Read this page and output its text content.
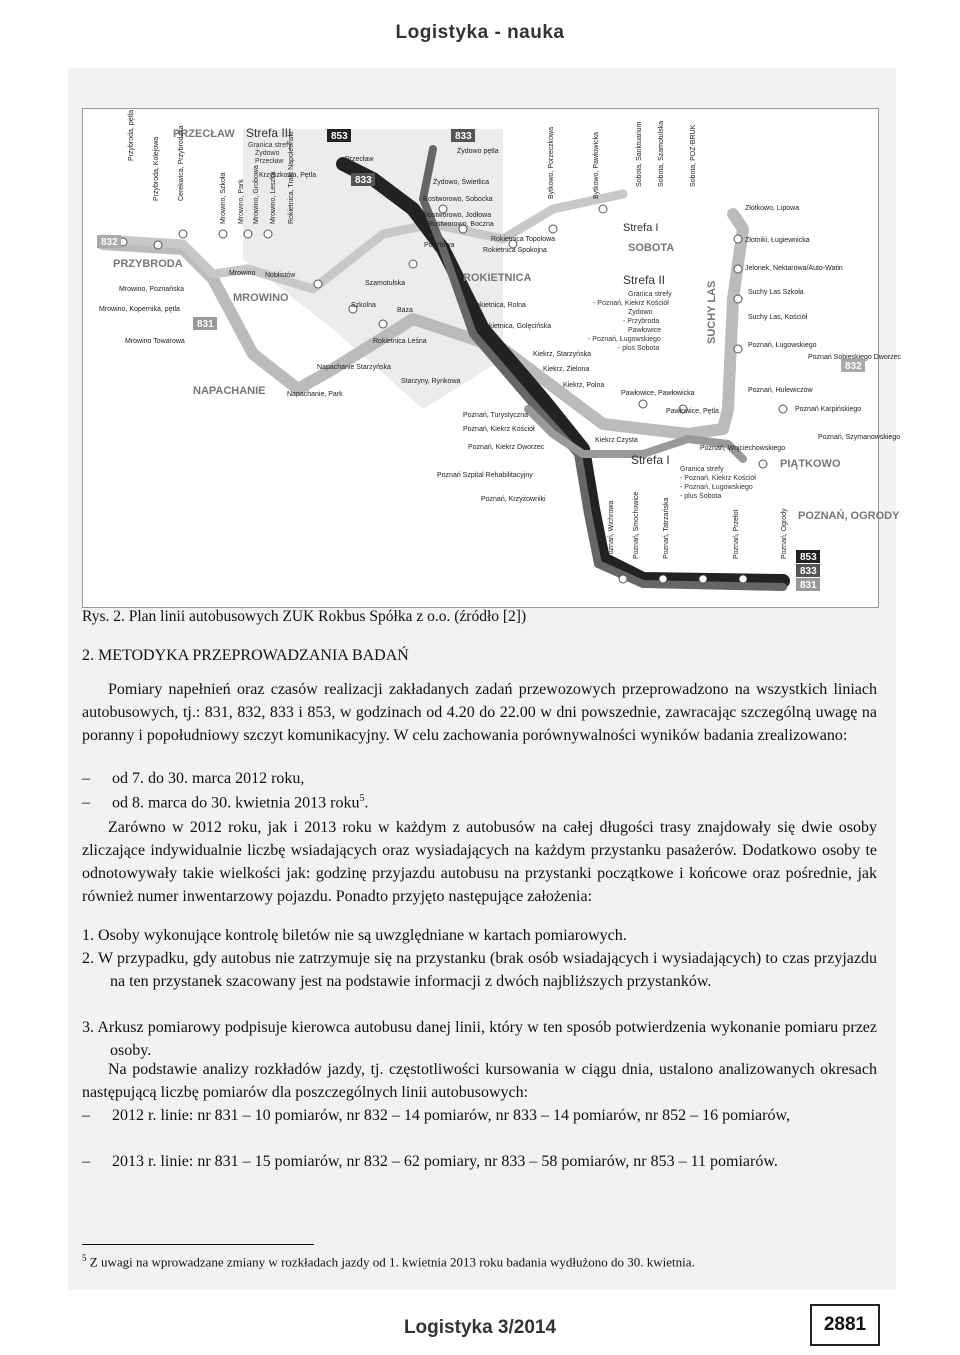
Logistyka - nauka
Strefa III
Strefa I
Strefa II
Strefa I
Granica strefy
Żydowo
Przecław
Granica strefy
- Poznań, Kiekrz Kościół
Żydowo
- Przybroda
Pawłowice
- Poznań, Ługowskiego
- plus Sobota
Granica strefy
- Poznań, Kiekrz Kościół
- Poznań, Ługowskiego
- plus Sobota
PRZECŁAW
PRZYBRODA
MROWINO
NAPACHANIE
ROKIETNICA
SOBOTA
PIĄTKOWO
POZNAŃ, OGRODY
SUCHY LAS
853	833
833
832
831
832
853
833
831
Przecław
Żydowo pętla
Krzyszkowo, Pętla
Przybroda, pętla
Przybroda, Kolejowa	Cerekwica, Przybrodzka	Mrowino, Szkoła Mrowino, Park Mrowino, Grobowa Mrowino, Leszka Rokietnica, Trakt Napoleoński
Mrowino Noblistów
Mrowino, Poznańska
Mrowino, Kopernika, pętla
Mrowino Towarowa
Szamotulska
Szkolna
Baza
Rokietnica Leśna
Napachanie Starzyńska
Napachanie, Park
Starzyny, Rynkowa
Żydowo, Świetlica
Rostworowo, Sobocka
Rostworowo, Jodłowa
Rostworowo, Boczna
Pocztowa
Rokietnica Spokojna
Rokietnica Topolowa
Rokietnica, Rolna
Rokietnica, Golęcińska
Kiekrz, Starzyńska
Kiekrz, Zielona
Kiekrz, Polna
Poznań, Turystyczna
Poznań, Kiekrz Kościół
Poznań, Kiekrz Dworzec
Poznań Szpital Rehabilitacyjny
Poznań, Krzyżowniki
Kiekrz Czysta
Pawłowice, Pawłowicka
Pawłowice, Pętla
Bytkowo, Porzeczkowa	Bytkowo, Pawłowicka	Sobota, Sanktuarium Sobota, Szamotulska	Sobota, POZ-BRUK
Złotkowo, Lipowa
Złotniki, Ługiewnicka
Jelonek, Nektarowa/Auto-Watin
Suchy Las Szkoła
Suchy Las, Kościół
Poznań, Ługowskiego
Poznań Sobieskiego Dworzec
Poznań, Hulewiczów
Poznań Karpińskiego
Poznań, Szymanowskiego
Poznań, Wojciechowskiego
Poznań, Wichrowa	Poznań, Smochowice	Poznań, Tatrzańska	Poznań, Przełot	Poznań, Ogrody
Rys. 2. Plan linii autobusowych ZUK Rokbus Spółka z o.o. (źródło [2])
2. METODYKA PRZEPROWADZANIA BADAŃ
Pomiary napełnień oraz czasów realizacji zakładanych zadań przewozowych przeprowadzono na wszystkich liniach autobusowych, tj.: 831, 832, 833 i 853, w godzinach od 4.20 do 22.00 w dni powszednie, zawracając szczególną uwagę na poranny i popołudniowy szczyt komunikacyjny. W celu zachowania porównywalności wyników badania zrealizowano:
– od 7. do 30. marca 2012 roku,
– od 8. marca do 30. kwietnia 2013 roku$^5$.
Zarówno w 2012 roku, jak i 2013 roku w każdym z autobusów na całej długości trasy znajdowały się dwie osoby zliczające indywidualnie liczbę wsiadających oraz wysiadających na każdym przystanku pasażerów. Dodatkowo osoby te odnotowywały takie wielkości jak: godzinę przyjazdu autobusu na przystanki początkowe i końcowe oraz pośrednie, jak również numer inwentarzowy pojazdu. Ponadto przyjęto następujące założenia:
1. Osoby wykonujące kontrolę biletów nie są uwzględniane w kartach pomiarowych.
2. W przypadku, gdy autobus nie zatrzymuje się na przystanku (brak osób wsiadających i wysiadających) to czas przyjazdu na ten przystanek szacowany jest na podstawie informacji z dwóch najbliższych przystanków.
3. Arkusz pomiarowy podpisuje kierowca autobusu danej linii, który w ten sposób potwierdzenia wykonanie pomiaru przez osoby.
Na podstawie analizy rozkładów jazdy, tj. częstotliwości kursowania w ciągu dnia, ustalono analizowanych okresach następującą liczbę pomiarów dla poszczególnych linii autobusowych:
– 2012 r. linie: nr 831 – 10 pomiarów, nr 832 – 14 pomiarów, nr 833 – 14 pomiarów, nr 852 – 16 pomiarów,
– 2013 r. linie: nr 831 – 15 pomiarów, nr 832 – 62 pomiary, nr 833 – 58 pomiarów, nr 853 – 11 pomiarów.
$^5$ Z uwagi na wprowadzane zmiany w rozkładach jazdy od 1. kwietnia 2013 roku badania wydłużono do 30. kwietnia.
Logistyka 3/2014	2881
